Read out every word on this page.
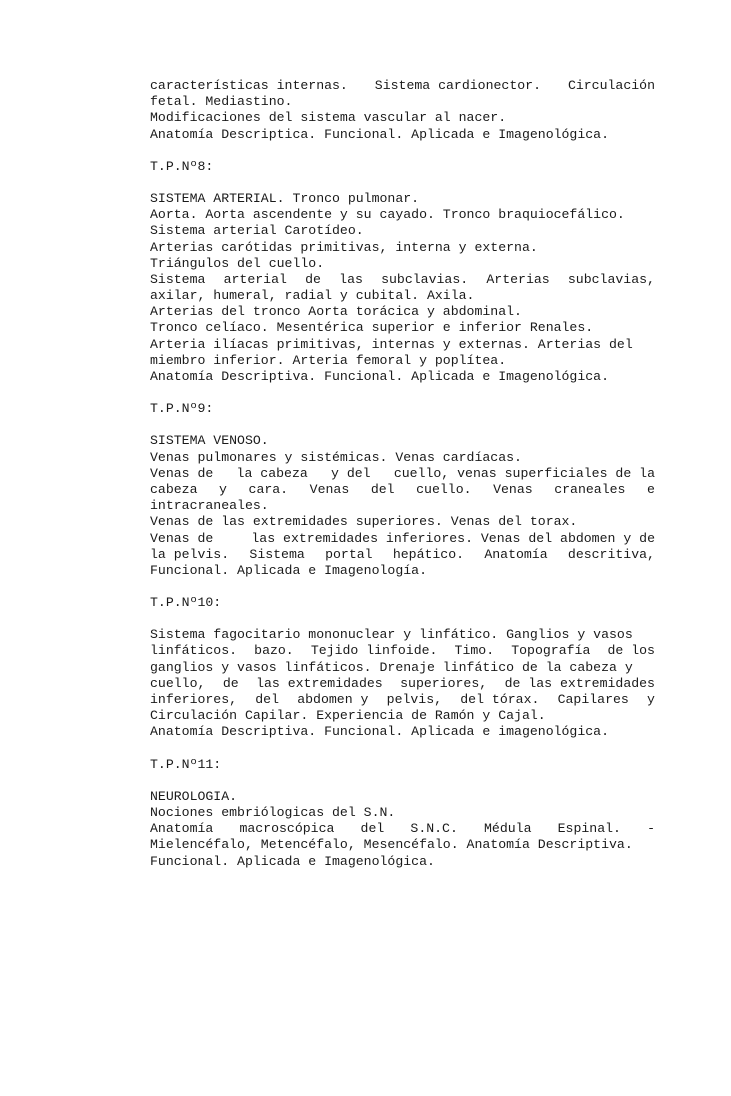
características internas. Sistema cardionector. Circulación
fetal. Mediastino.
Modificaciones del sistema vascular al nacer.
Anatomía Descriptica. Funcional. Aplicada e Imagenológica.
T.P.Nº8:
SISTEMA ARTERIAL. Tronco pulmonar.
Aorta. Aorta ascendente y su cayado. Tronco braquiocefálico.
Sistema arterial Carotídeo.
Arterias carótidas primitivas, interna y externa.
Triángulos del cuello.
Sistema arterial de las subclavias. Arterias subclavias,
axilar, humeral, radial y cubital. Axila.
Arterias del tronco Aorta torácica y abdominal.
Tronco celíaco. Mesentérica superior e inferior Renales.
Arteria ilíacas primitivas, internas y externas. Arterias del
miembro inferior. Arteria femoral y poplítea.
Anatomía Descriptiva. Funcional. Aplicada e Imagenológica.
T.P.Nº9:
SISTEMA VENOSO.
Venas pulmonares y sistémicas. Venas cardíacas.
Venas de la cabeza y del cuello, venas superficiales de la
cabeza y cara. Venas del cuello. Venas craneales e
intracraneales.
Venas de las extremidades superiores. Venas del torax.
Venas de	las extremidades inferiores. Venas del abdomen y de
la pelvis. Sistema portal hepático. Anatomía descritiva,
Funcional. Aplicada e Imagenología.
T.P.Nº10:
Sistema fagocitario mononuclear y linfático. Ganglios y vasos
linfáticos. bazo. Tejido linfoide. Timo. Topografía de los
ganglios y vasos linfáticos. Drenaje linfático de la cabeza y
cuello, de las extremidades superiores, de las extremidades
inferiores, del abdomen y pelvis, del tórax. Capilares y
Circulación Capilar. Experiencia de Ramón y Cajal.
Anatomía Descriptiva. Funcional. Aplicada e imagenológica.
T.P.Nº11:
NEUROLOGIA.
Nociones embriólogicas del S.N.
Anatomía macroscópica del S.N.C. Médula Espinal. -
Mielencéfalo, Metencéfalo, Mesencéfalo. Anatomía Descriptiva.
Funcional. Aplicada e Imagenológica.
